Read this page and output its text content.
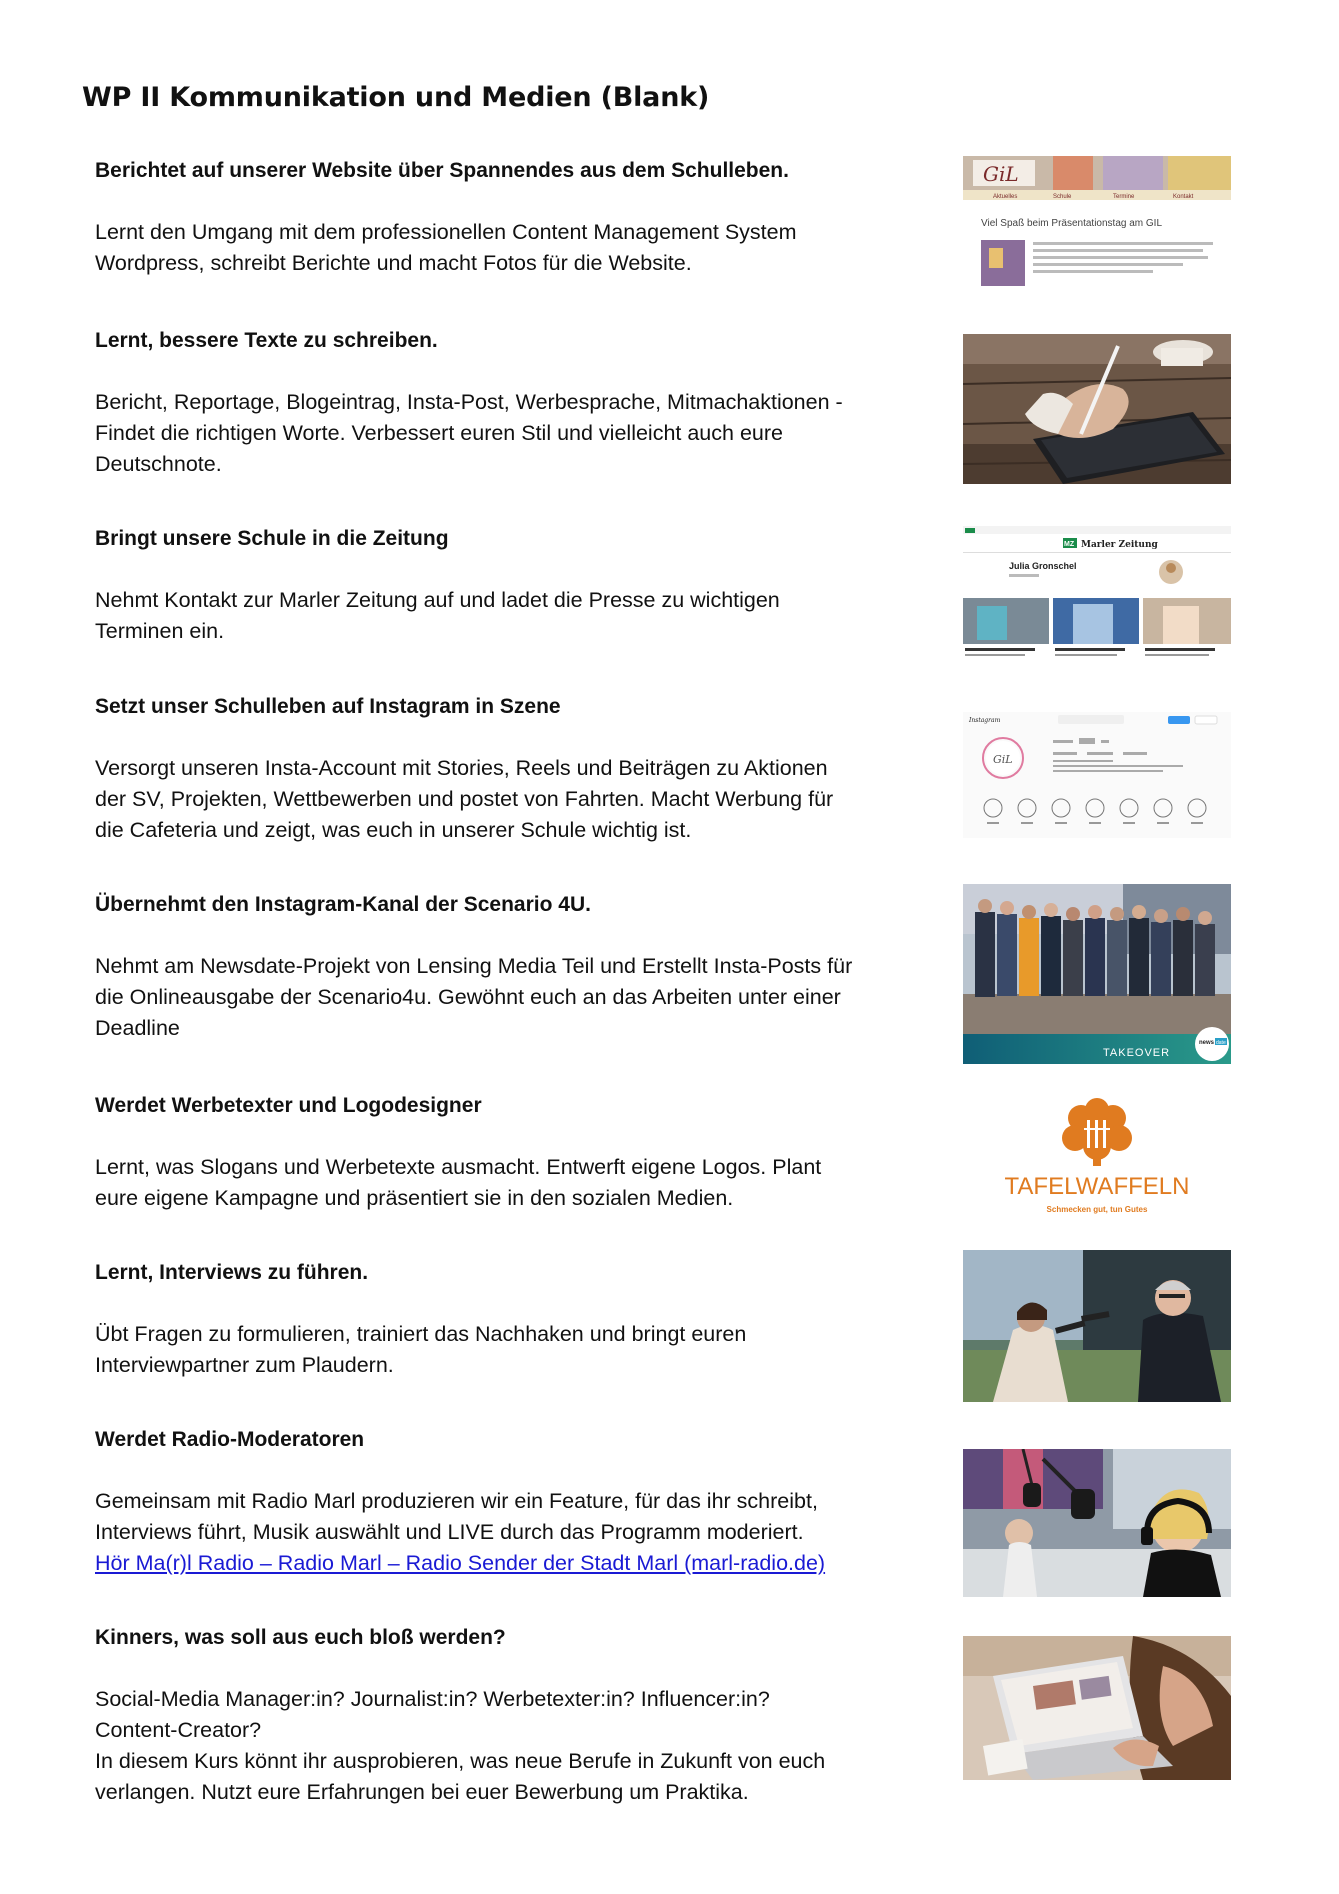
WP II Kommunikation und Medien (Blank)
Berichtet auf unserer Website über Spannendes aus dem Schulleben.
Lernt den Umgang mit dem professionellen Content Management System
Wordpress, schreibt Berichte und macht Fotos für die Website.
GiL
Aktuelles	Schule	Termine	Kontakt
Viel Spaß beim Präsentationstag am GIL
Lernt, bessere Texte zu schreiben.
Bericht, Reportage, Blogeintrag, Insta-Post, Werbesprache, Mitmachaktionen -
Findet die richtigen Worte. Verbessert euren Stil und vielleicht auch eure
Deutschnote.
Bringt unsere Schule in die Zeitung
Nehmt Kontakt zur Marler Zeitung auf und ladet die Presse zu wichtigen
Terminen ein.
MZ Marler Zeitung
Julia Gronschel
Setzt unser Schulleben auf Instagram in Szene
Versorgt unseren Insta-Account mit Stories, Reels und Beiträgen zu Aktionen
der SV, Projekten, Wettbewerben und postet von Fahrten. Macht Werbung für
die Cafeteria und zeigt, was euch in unserer Schule wichtig ist.
Instagram
GiL
Übernehmt den Instagram-Kanal der Scenario 4U.
Nehmt am Newsdate-Projekt von Lensing Media Teil und Erstellt Insta-Posts für
die Onlineausgabe der Scenario4u. Gewöhnt euch an das Arbeiten unter einer
Deadline
TAKEOVER
news date
Werdet Werbetexter und Logodesigner
Lernt, was Slogans und Werbetexte ausmacht. Entwerft eigene Logos. Plant
eure eigene Kampagne und präsentiert sie in den sozialen Medien.	TAFELWAFFELN
Schmecken gut, tun Gutes
Lernt, Interviews zu führen.
Übt Fragen zu formulieren, trainiert das Nachhaken und bringt euren
Interviewpartner zum Plaudern.
Werdet Radio-Moderatoren
Gemeinsam mit Radio Marl produzieren wir ein Feature, für das ihr schreibt,
Interviews führt, Musik auswählt und LIVE durch das Programm moderiert.
Hör Ma(r)l Radio – Radio Marl – Radio Sender der Stadt Marl (marl-radio.de)
Kinners, was soll aus euch bloß werden?
Social-Media Manager:in? Journalist:in? Werbetexter:in? Influencer:in?
Content-Creator?
In diesem Kurs könnt ihr ausprobieren, was neue Berufe in Zukunft von euch
verlangen. Nutzt eure Erfahrungen bei euer Bewerbung um Praktika.
